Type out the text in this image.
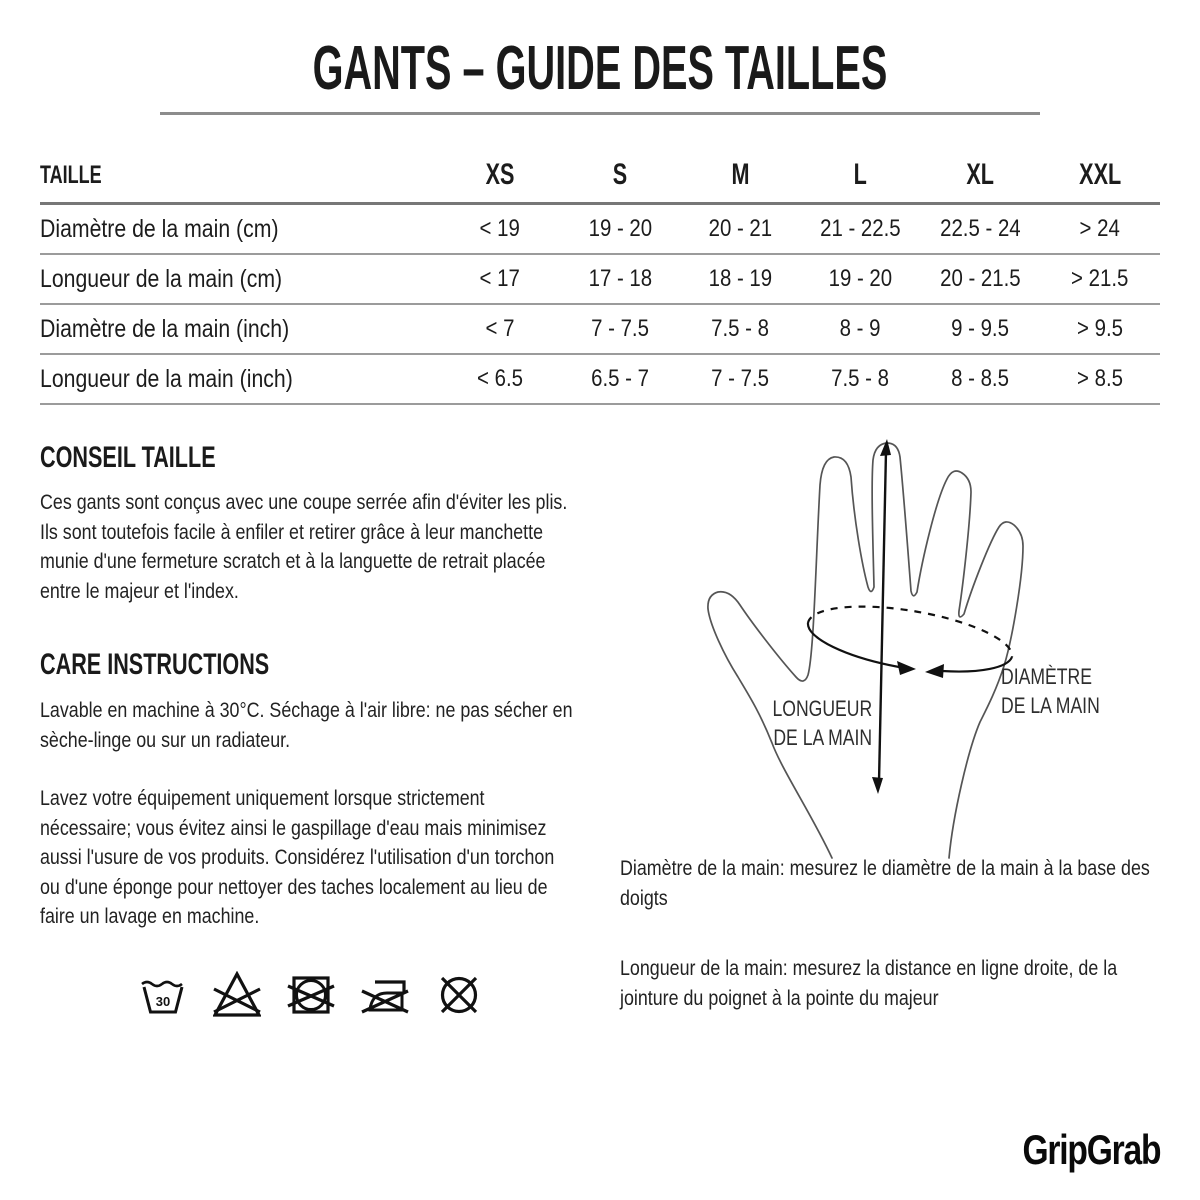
GANTS – GUIDE DES TAILLES
TAILLE	XS	S	M	L	XL	XXL
Diamètre de la main (cm)	< 19	19 - 20	20 - 21	21 - 22.5	22.5 - 24	> 24
Longueur de la main (cm)	< 17	17 - 18	18 - 19	19 - 20	20 - 21.5	> 21.5
Diamètre de la main (inch)	< 7	7 - 7.5	7.5 - 8	8 - 9	9 - 9.5	> 9.5
Longueur de la main (inch)	< 6.5	6.5 - 7	7 - 7.5	7.5 - 8	8 - 8.5	> 8.5
CONSEIL TAILLE
Ces gants sont conçus avec une coupe serrée afin d'éviter les plis.
Ils sont toutefois facile à enfiler et retirer grâce à leur manchette
munie d'une fermeture scratch et à la languette de retrait placée
entre le majeur et l'index.
CARE INSTRUCTIONS
Lavable en machine à 30°C. Séchage à l'air libre: ne pas sécher en
sèche-linge ou sur un radiateur.
Lavez votre équipement uniquement lorsque strictement
nécessaire; vous évitez ainsi le gaspillage d'eau mais minimisez
aussi l'usure de vos produits. Considérez l'utilisation d'un torchon
ou d'une éponge pour nettoyer des taches localement au lieu de
faire un lavage en machine.
30
LONGUEUR
DE LA MAIN
DIAMÈTRE
DE LA MAIN
Diamètre de la main: mesurez le diamètre de la main à la base des
doigts
Longueur de la main: mesurez la distance en ligne droite, de la
jointure du poignet à la pointe du majeur
GripGrab
